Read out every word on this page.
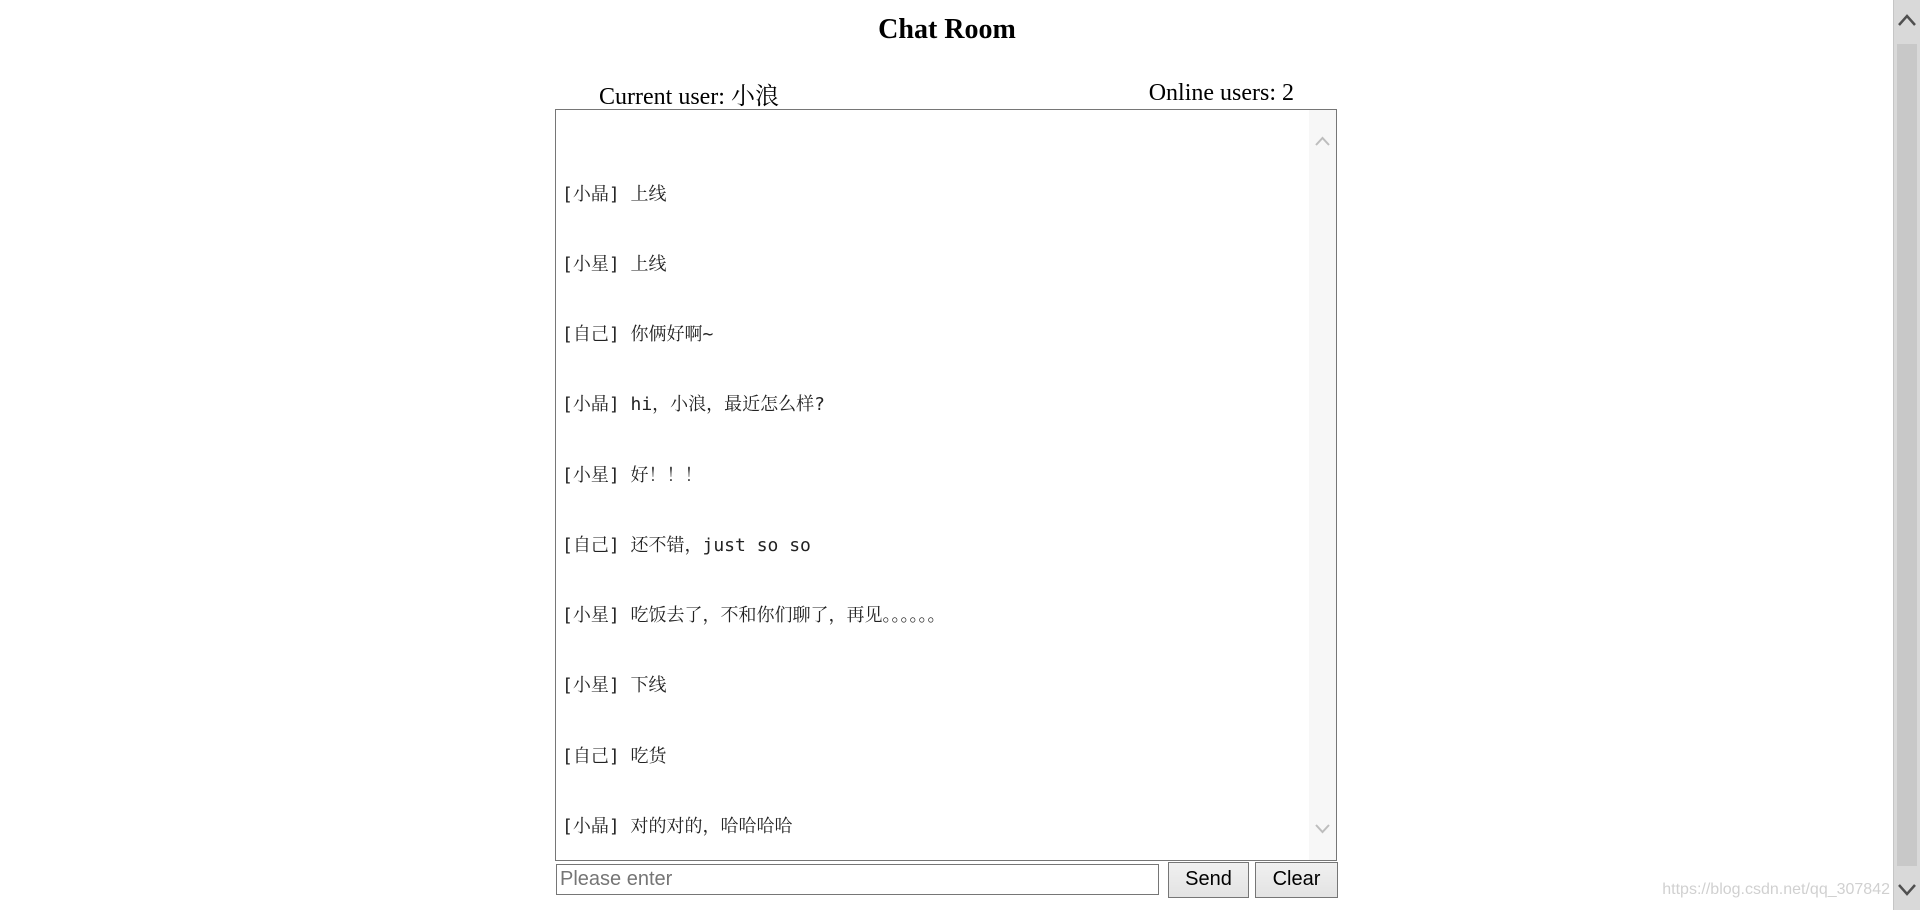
Chat Room
Current user: 小浪	Online users: 2

[小晶] 上线

[小星] 上线

[自己] 你俩好啊~

[小晶] hi，小浪，最近怎么样?

[小星] 好！！！

[自己] 还不错，just so so

[小星] 吃饭去了，不和你们聊了，再见。。。。。。

[小星] 下线

[自己] 吃货

[小晶] 对的对的，哈哈哈哈

Please enter
Send	Clear	https://blog.csdn.net/qq_307842
